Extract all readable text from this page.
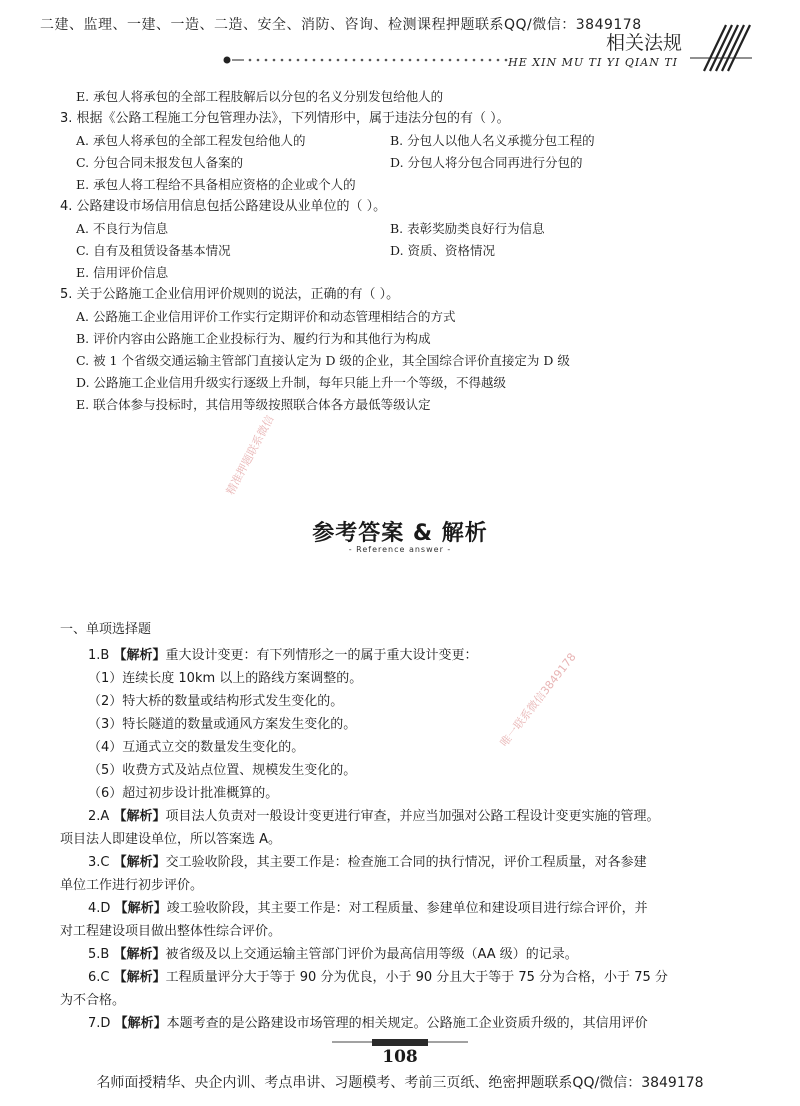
二建、监理、一建、一造、二造、安全、消防、咨询、检测课程押题联系QQ/微信：3849178
相关法规
HE XIN MU TI YI QIAN TI
E. 承包人将承包的全部工程肢解后以分包的名义分别发包给他人的
3. 根据《公路工程施工分包管理办法》，下列情形中，属于违法分包的有（ ）。
A. 承包人将承包的全部工程发包给他人的	B. 分包人以他人名义承揽分包工程的
C. 分包合同未报发包人备案的	D. 分包人将分包合同再进行分包的
E. 承包人将工程给不具备相应资格的企业或个人的
4. 公路建设市场信用信息包括公路建设从业单位的（ ）。
A. 不良行为信息	B. 表彰奖励类良好行为信息
C. 自有及租赁设备基本情况	D. 资质、资格情况
E. 信用评价信息
5. 关于公路施工企业信用评价规则的说法，正确的有（ ）。
A. 公路施工企业信用评价工作实行定期评价和动态管理相结合的方式
B. 评价内容由公路施工企业投标行为、履约行为和其他行为构成
C. 被 1 个省级交通运输主管部门直接认定为 D 级的企业，其全国综合评价直接定为 D 级
D. 公路施工企业信用升级实行逐级上升制，每年只能上升一个等级，不得越级
E. 联合体参与投标时，其信用等级按照联合体各方最低等级认定
精准押题联系微信
唯一联系微信3849178
参考答案 & 解析
- Reference answer -
一、单项选择题
1.B 【解析】重大设计变更：有下列情形之一的属于重大设计变更：
（1）连续长度 10km 以上的路线方案调整的。
（2）特大桥的数量或结构形式发生变化的。
（3）特长隧道的数量或通风方案发生变化的。
（4）互通式立交的数量发生变化的。
（5）收费方式及站点位置、规模发生变化的。
（6）超过初步设计批准概算的。
2.A 【解析】项目法人负责对一般设计变更进行审查，并应当加强对公路工程设计变更实施的管理。
项目法人即建设单位，所以答案选 A。
3.C 【解析】交工验收阶段，其主要工作是：检查施工合同的执行情况，评价工程质量，对各参建
单位工作进行初步评价。
4.D 【解析】竣工验收阶段，其主要工作是：对工程质量、参建单位和建设项目进行综合评价，并
对工程建设项目做出整体性综合评价。
5.B 【解析】被省级及以上交通运输主管部门评价为最高信用等级（AA 级）的记录。
6.C 【解析】工程质量评分大于等于 90 分为优良，小于 90 分且大于等于 75 分为合格，小于 75 分
为不合格。
7.D 【解析】本题考查的是公路建设市场管理的相关规定。公路施工企业资质升级的，其信用评价
108
名师面授精华、央企内训、考点串讲、习题模考、考前三页纸、绝密押题联系QQ/微信：3849178
